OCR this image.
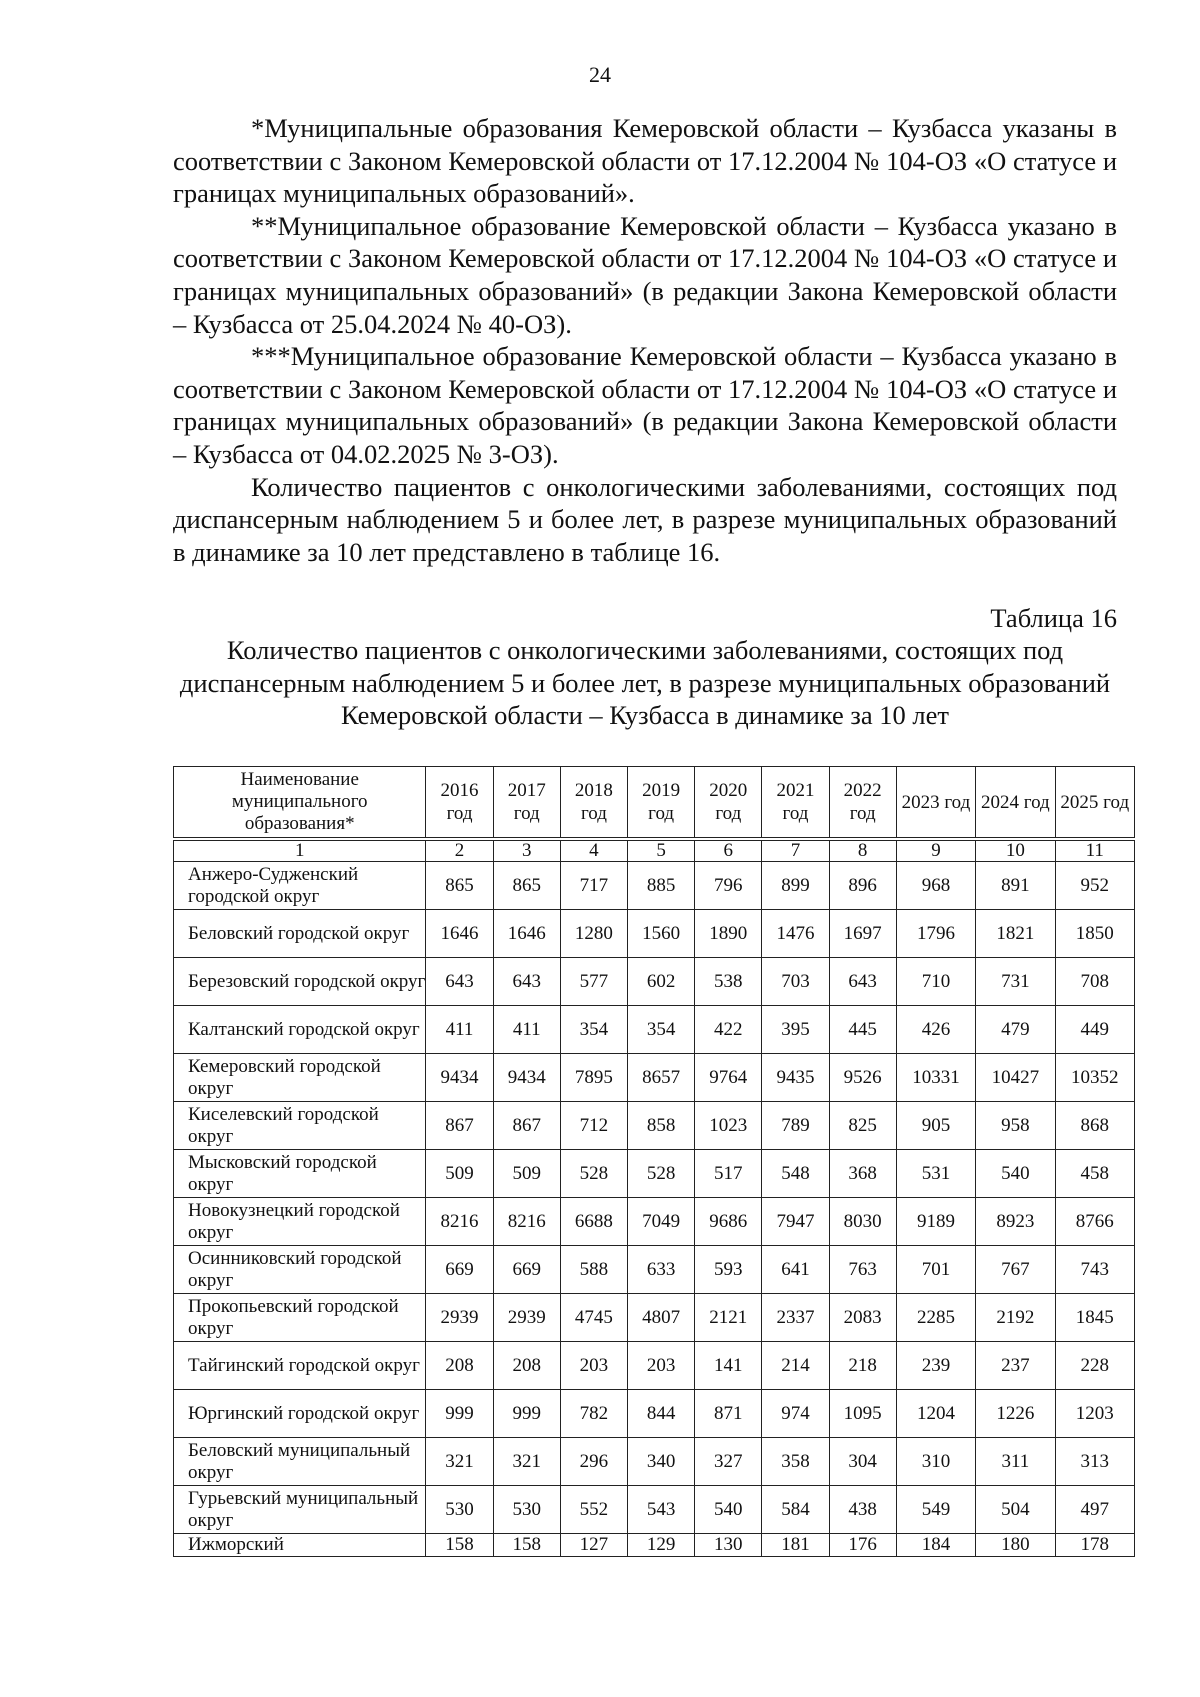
24

*Муниципальные образования Кемеровской области – Кузбасса указаны в соответствии с Законом Кемеровской области от 17.12.2004 № 104-ОЗ «О статусе и границах муниципальных образований».

**Муниципальное образование Кемеровской области – Кузбасса указано в соответствии с Законом Кемеровской области от 17.12.2004 № 104-ОЗ «О статусе и границах муниципальных образований» (в редакции Закона Кемеровской области – Кузбасса от 25.04.2024 № 40-ОЗ).

***Муниципальное образование Кемеровской области – Кузбасса указано в соответствии с Законом Кемеровской области от 17.12.2004 № 104-ОЗ «О статусе и границах муниципальных образований» (в редакции Закона Кемеровской области – Кузбасса от 04.02.2025 № 3-ОЗ).

Количество пациентов с онкологическими заболеваниями, состоящих под диспансерным наблюдением 5 и более лет, в разрезе муниципальных образований в динамике за 10 лет представлено в таблице 16.

Таблица 16
Количество пациентов с онкологическими заболеваниями, состоящих под диспансерным наблюдением 5 и более лет, в разрезе муниципальных образований Кемеровской области – Кузбасса в динамике за 10 лет
Наименование муниципального образования*	2016 год	2017 год	2018 год	2019 год	2020 год	2021 год	2022 год	2023 год	2024 год	2025 год

1	2	3	4	5	6	7	8	9	10	11
Анжеро-Судженский городской округ	865	865	717	885	796	899	896	968	891	952
Беловский городской округ	1646	1646	1280	1560	1890	1476	1697	1796	1821	1850
Березовский городской округ	643	643	577	602	538	703	643	710	731	708
Калтанский городской округ	411	411	354	354	422	395	445	426	479	449
Кемеровский городской округ	9434	9434	7895	8657	9764	9435	9526	10331	10427	10352
Киселевский городской округ	867	867	712	858	1023	789	825	905	958	868
Мысковский городской округ	509	509	528	528	517	548	368	531	540	458
Новокузнецкий городской округ	8216	8216	6688	7049	9686	7947	8030	9189	8923	8766
Осинниковский городской округ	669	669	588	633	593	641	763	701	767	743
Прокопьевский городской округ	2939	2939	4745	4807	2121	2337	2083	2285	2192	1845
Тайгинский городской округ	208	208	203	203	141	214	218	239	237	228
Юргинский городской округ	999	999	782	844	871	974	1095	1204	1226	1203
Беловский муниципальный округ	321	321	296	340	327	358	304	310	311	313
Гурьевский муниципальный округ	530	530	552	543	540	584	438	549	504	497
Ижморский	158	158	127	129	130	181	176	184	180	178
